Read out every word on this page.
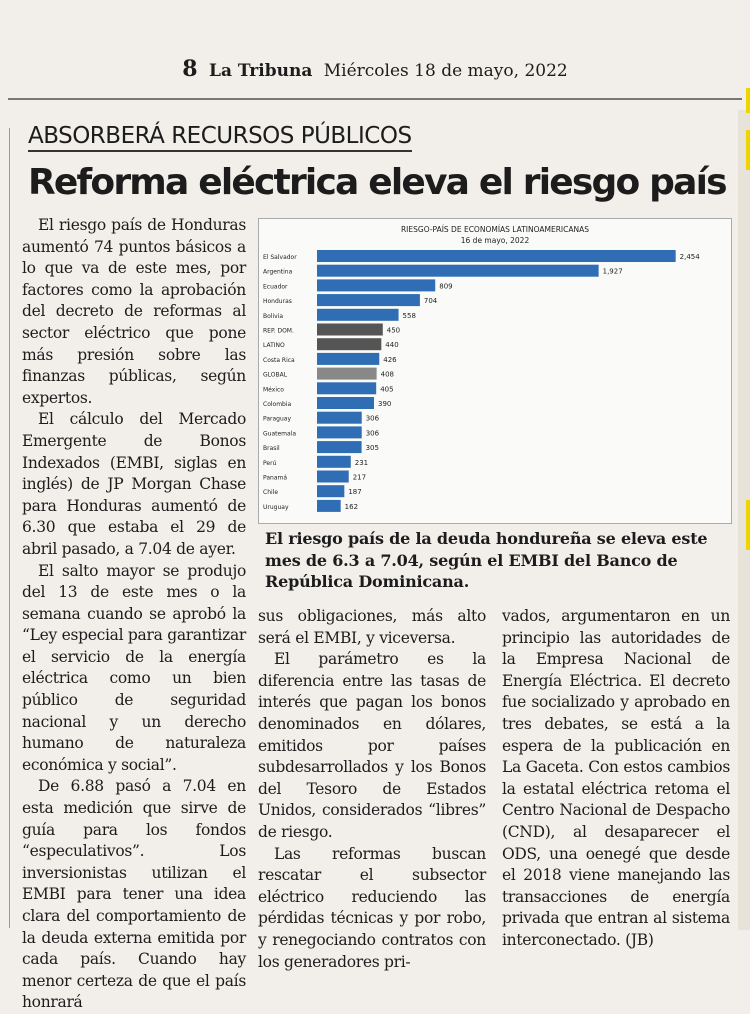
8 La Tribuna Miércoles 18 de mayo, 2022
ABSORBERÁ RECURSOS PÚBLICOS
Reforma eléctrica eleva el riesgo país

El riesgo país de Honduras aumentó 74 puntos básicos a lo que va de este mes, por factores como la aprobación del decreto de reformas al sector eléctrico que pone más presión sobre las finanzas públicas, según expertos.

El cálculo del Mercado Emergente de Bonos Indexados (EMBI, siglas en inglés) de JP Morgan Chase para Honduras aumentó de 6.30 que estaba el 29 de abril pasado, a 7.04 de ayer.

El salto mayor se produjo del 13 de este mes o la semana cuando se aprobó la “Ley especial para garantizar el servicio de la energía eléctrica como un bien público de seguridad nacional y un derecho humano de naturaleza económica y social”.

De 6.88 pasó a 7.04 en esta medición que sirve de guía para los fondos “especulativos”. Los inversionistas utilizan el EMBI para tener una idea clara del comportamiento de la deuda externa emitida por cada país. Cuando hay menor certeza de que el país honrará

RIESGO-PAÍS DE ECONOMÍAS LATINOAMERICANAS
16 de mayo, 2022
El Salvador	2,454
Argentina	1,927
Ecuador	809
Honduras	704
Bolivia	558
REP. DOM.	450
LATINO	440
Costa Rica	426
GLOBAL	408
México	405
Colombia	390
Paraguay	306
Guatemala	306
Brasil	305
Perú	231
Panamá	217
Chile	187
Uruguay	162
El riesgo país de la deuda hondureña se eleva este mes de 6.3 a 7.04, según el EMBI del Banco de República Dominicana.

sus obligaciones, más alto será el EMBI, y viceversa.

El parámetro es la diferencia entre las tasas de interés que pagan los bonos denominados en dólares, emitidos por países subdesarrollados y los Bonos del Tesoro de Estados Unidos, considerados “libres” de riesgo.

Las reformas buscan rescatar el subsector eléctrico reduciendo las pérdidas técnicas y por robo, y renegociando contratos con los generadores pri-

vados, argumentaron en un principio las autoridades de la Empresa Nacional de Energía Eléctrica. El decreto fue socializado y aprobado en tres debates, se está a la espera de la publicación en La Gaceta. Con estos cambios la estatal eléctrica retoma el Centro Nacional de Despacho (CND), al desaparecer el ODS, una oenegé que desde el 2018 viene manejando las transacciones de energía privada que entran al sistema interconectado. (JB)
